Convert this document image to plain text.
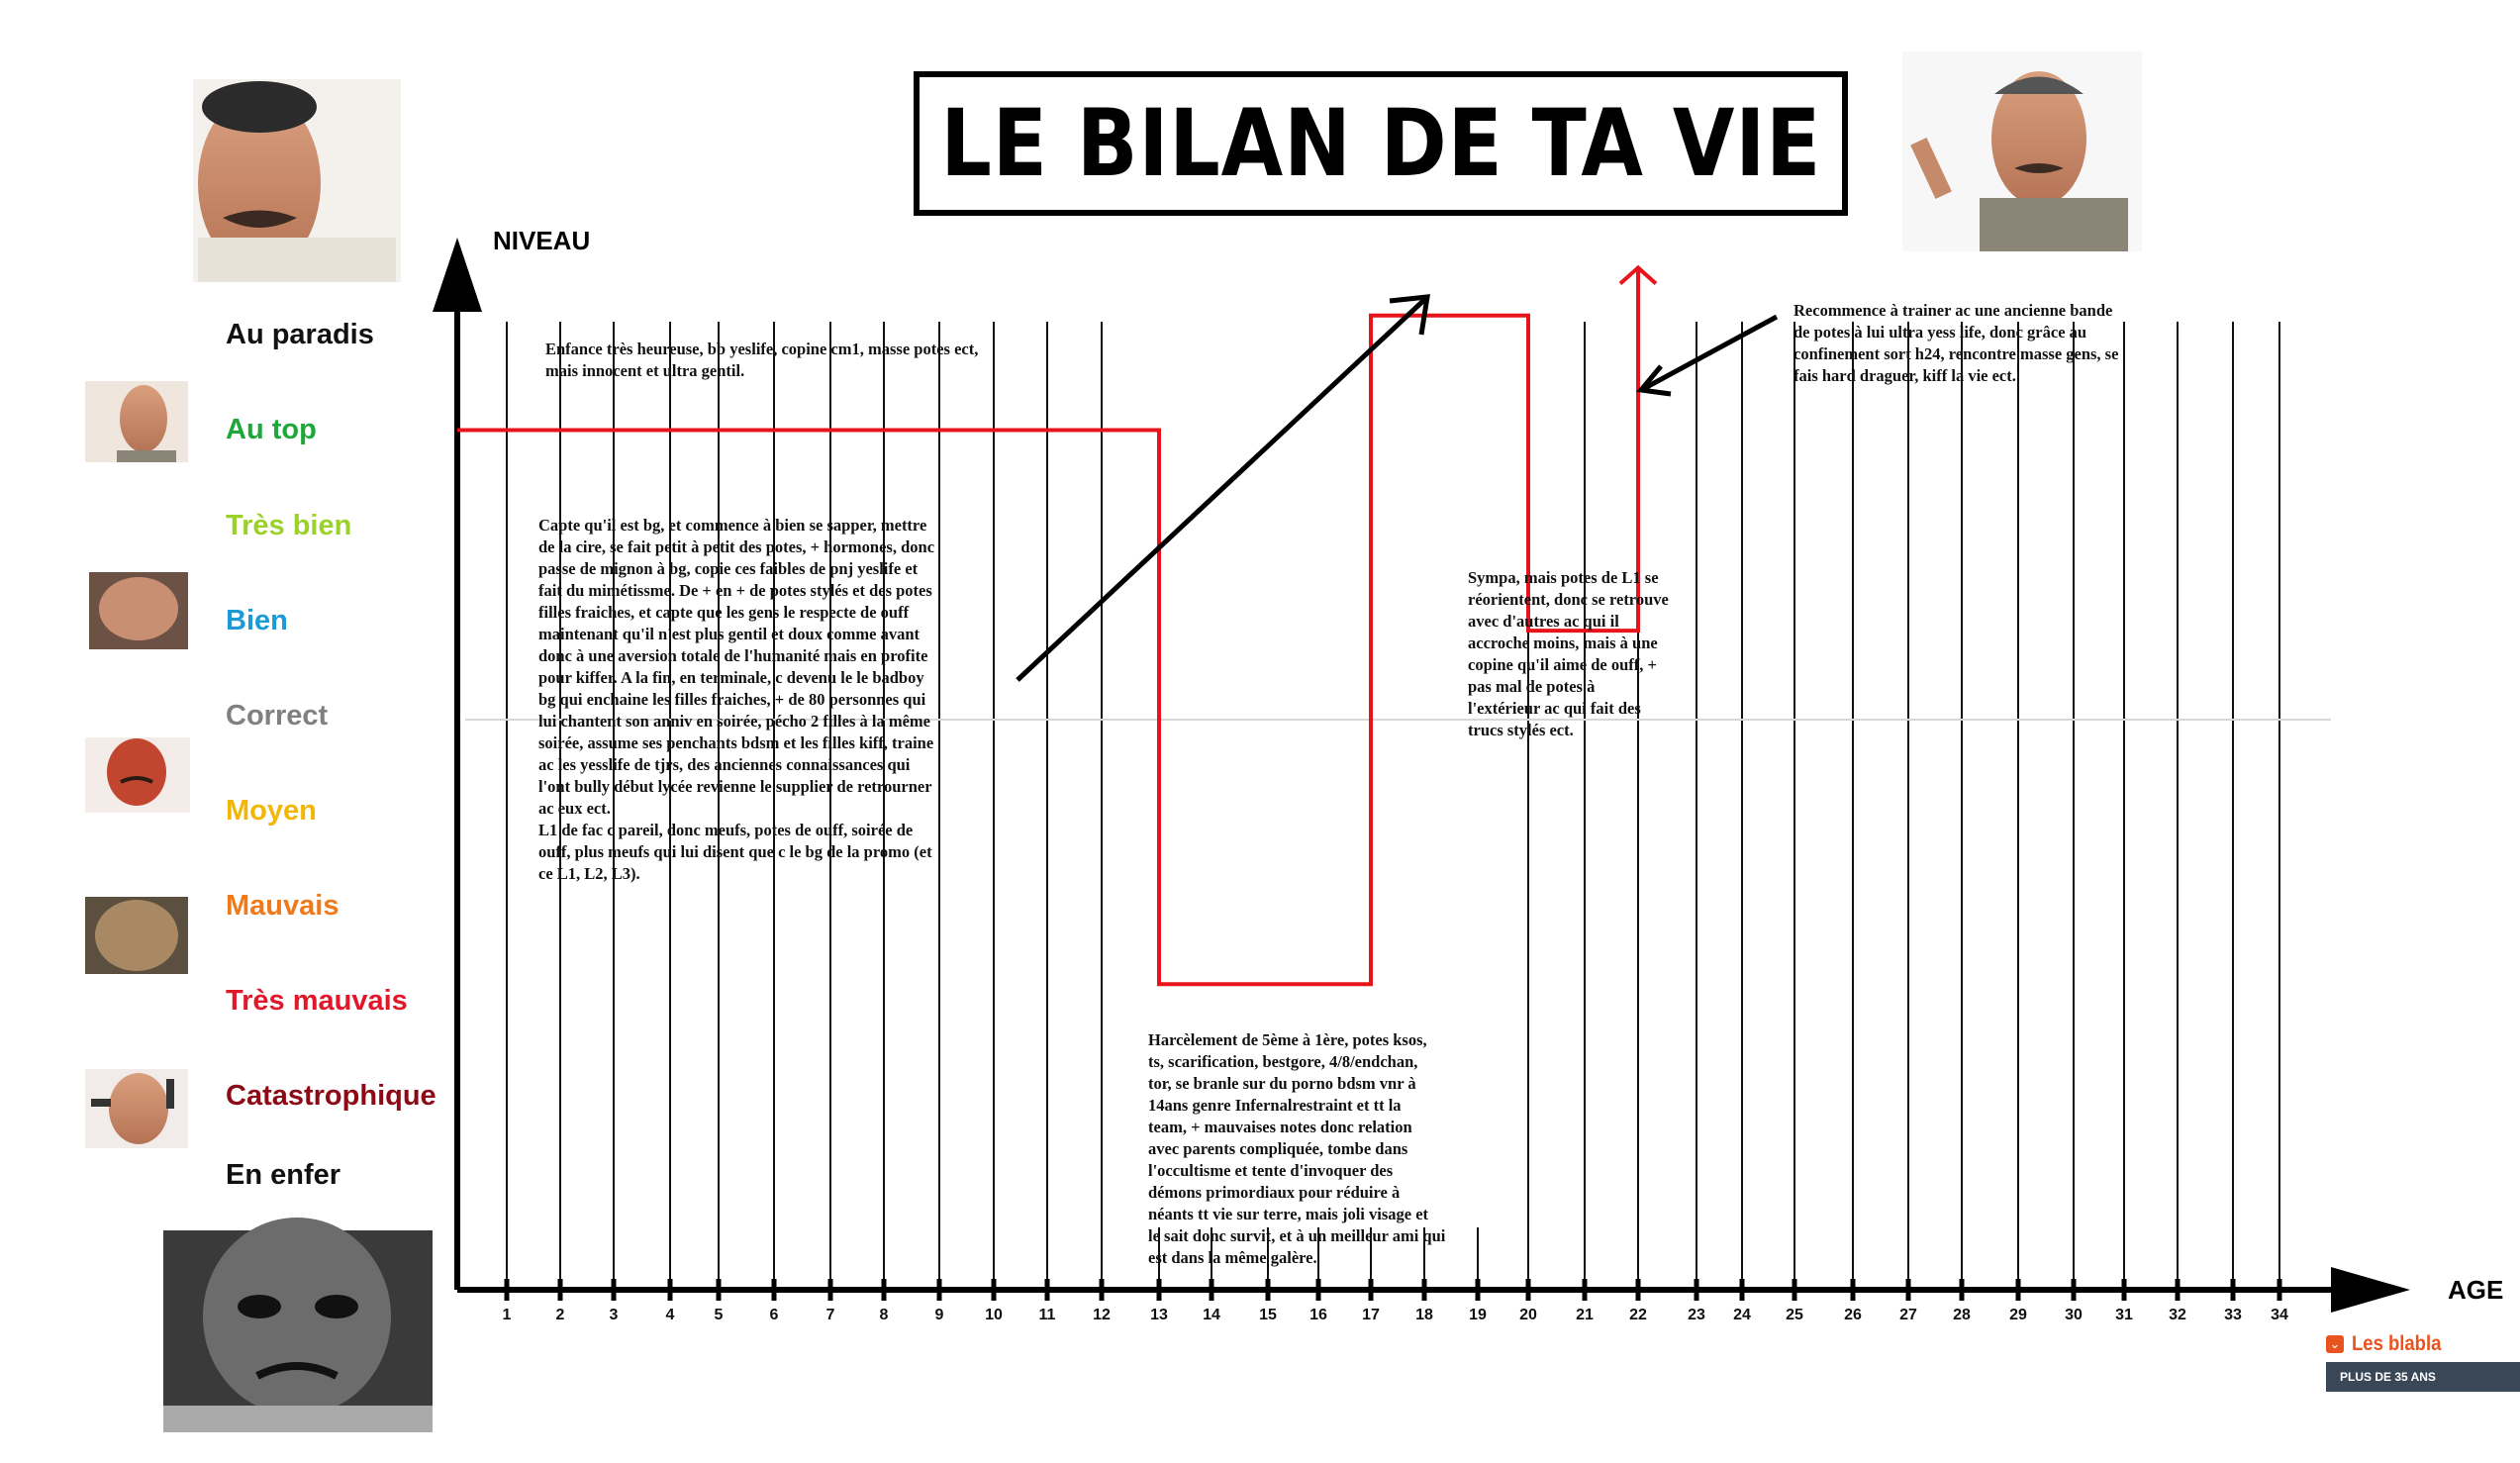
LE BILAN DE TA VIE
NIVEAU
AGE
Au paradis
Au top
Très bien
Bien
Correct
Moyen
Mauvais
Très mauvais
Catastrophique
En enfer
Enfance très heureuse, bb yeslife, copine cm1, masse potes ect,
mais innocent et ultra gentil.
Capte qu'il est bg, et commence à bien se sapper, mettre
de la cire, se fait petit à petit des potes, + hormones, donc
passe de mignon à bg, copie ces faibles de pnj yeslife et
fait du mimétissme. De + en + de potes stylés et des potes
filles fraiches, et capte que les gens le respecte de ouff
maintenant qu'il n'est plus gentil et doux comme avant
donc à une aversion totale de l'humanité mais en profite
pour kiffer. A la fin, en terminale, c devenu le le badboy
bg qui enchaine les filles fraiches, + de 80 personnes qui
lui chantent son anniv en soirée, pécho 2 filles à la même
soirée, assume ses penchants bdsm et les filles kiff, traine
ac les yesslife de tjrs, des anciennes connaissances qui
l'ont bully début lycée revienne le supplier de retrourner
ac eux ect.
L1 de fac c pareil, donc meufs, potes de ouff, soirée de
ouff, plus meufs qui lui disent que c le bg de la promo (et
ce L1, L2, L3).
Harcèlement de 5ème à 1ère, potes ksos,
ts, scarification, bestgore, 4/8/endchan,
tor, se branle sur du porno bdsm vnr à
14ans genre Infernalrestraint et tt la
team, + mauvaises notes donc relation
avec parents compliquée, tombe dans
l'occultisme et tente d'invoquer des
démons primordiaux pour réduire à
néants tt vie sur terre, mais joli visage et
le sait donc survit, et à un meilleur ami qui
est dans la même galère.
Sympa, mais potes de L1 se
réorientent, donc se retrouve
avec d'autres ac qui il
accroche moins, mais à une
copine qu'il aime de ouff, +
pas mal de potes à
l'extérieur ac qui fait des
trucs stylés ect.
Recommence à trainer ac une ancienne bande
de potes à lui ultra yess life, donc grâce au
confinement sort h24, rencontre masse gens, se
fais hard draguer, kiff la vie ect.
1	2	3	4	5	6	7	8	9	10	11	12	13	14	15	16	17	18	19	20	21	22	23	24	25	26	27	28	29	30	31	32	33	34
⌄ Les blabla
PLUS DE 35 ANS
